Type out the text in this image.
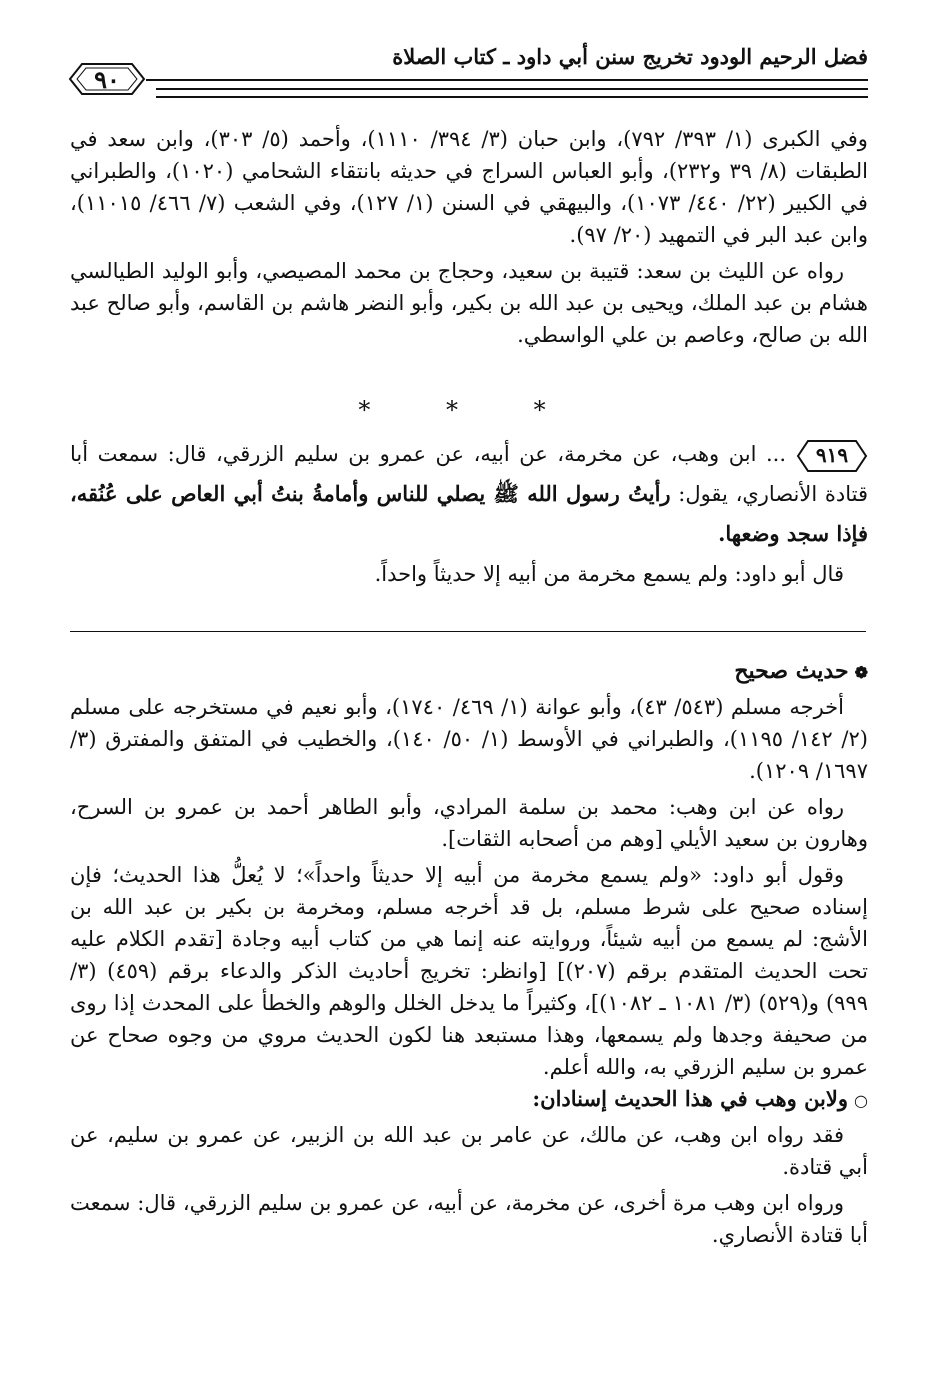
فضل الرحيم الودود تخريج سنن أبي داود ـ كتاب الصلاة
٩٠

وفي الكبرى (١/ ٣٩٣/ ٧٩٢)، وابن حبان (٣/ ٣٩٤/ ١١١٠)، وأحمد (٥/ ٣٠٣)، وابن سعد في الطبقات (٨/ ٣٩ و٢٣٢)، وأبو العباس السراج في حديثه بانتقاء الشحامي (١٠٢٠)، والطبراني في الكبير (٢٢/ ٤٤٠/ ١٠٧٣)، والبيهقي في السنن (١/ ١٢٧)، وفي الشعب (٧/ ٤٦٦/ ١١٠١٥)، وابن عبد البر في التمهيد (٢٠/ ٩٧).

رواه عن الليث بن سعد: قتيبة بن سعيد، وحجاج بن محمد المصيصي، وأبو الوليد الطيالسي هشام بن عبد الملك، ويحيى بن عبد الله بن بكير، وأبو النضر هاشم بن القاسم، وأبو صالح عبد الله بن صالح، وعاصم بن علي الواسطي.

* * *

٩١٩
... ابن وهب، عن مخرمة، عن أبيه، عن عمرو بن سليم الزرقي، قال: سمعت أبا قتادة الأنصاري، يقول: رأيتُ رسول الله ﷺ يصلي للناس وأمامةُ بنتُ أبي العاص على عُنُقه، فإذا سجد وضعها.

قال أبو داود: ولم يسمع مخرمة من أبيه إلا حديثاً واحداً.

❁حديث صحيح

أخرجه مسلم (٥٤٣/ ٤٣)، وأبو عوانة (١/ ٤٦٩/ ١٧٤٠)، وأبو نعيم في مستخرجه على مسلم (٢/ ١٤٢/ ١١٩٥)، والطبراني في الأوسط (١/ ٥٠/ ١٤٠)، والخطيب في المتفق والمفترق (٣/ ١٦٩٧/ ١٢٠٩).

رواه عن ابن وهب: محمد بن سلمة المرادي، وأبو الطاهر أحمد بن عمرو بن السرح، وهارون بن سعيد الأيلي [وهم من أصحابه الثقات].

وقول أبو داود: «ولم يسمع مخرمة من أبيه إلا حديثاً واحداً»؛ لا يُعلُّ هذا الحديث؛ فإن إسناده صحيح على شرط مسلم، بل قد أخرجه مسلم، ومخرمة بن بكير بن عبد الله بن الأشج: لم يسمع من أبيه شيئاً، وروايته عنه إنما هي من كتاب أبيه وجادة [تقدم الكلام عليه تحت الحديث المتقدم برقم (٢٠٧)] [وانظر: تخريج أحاديث الذكر والدعاء برقم (٤٥٩) (٣/ ٩٩٩) و(٥٢٩) (٣/ ١٠٨١ ـ ١٠٨٢)]، وكثيراً ما يدخل الخلل والوهم والخطأ على المحدث إذا روى من صحيفة وجدها ولم يسمعها، وهذا مستبعد هنا لكون الحديث مروي من وجوه صحاح عن عمرو بن سليم الزرقي به، والله أعلم.

○ولابن وهب في هذا الحديث إسنادان:

فقد رواه ابن وهب، عن مالك، عن عامر بن عبد الله بن الزبير، عن عمرو بن سليم، عن أبي قتادة.

ورواه ابن وهب مرة أخرى، عن مخرمة، عن أبيه، عن عمرو بن سليم الزرقي، قال: سمعت أبا قتادة الأنصاري.
